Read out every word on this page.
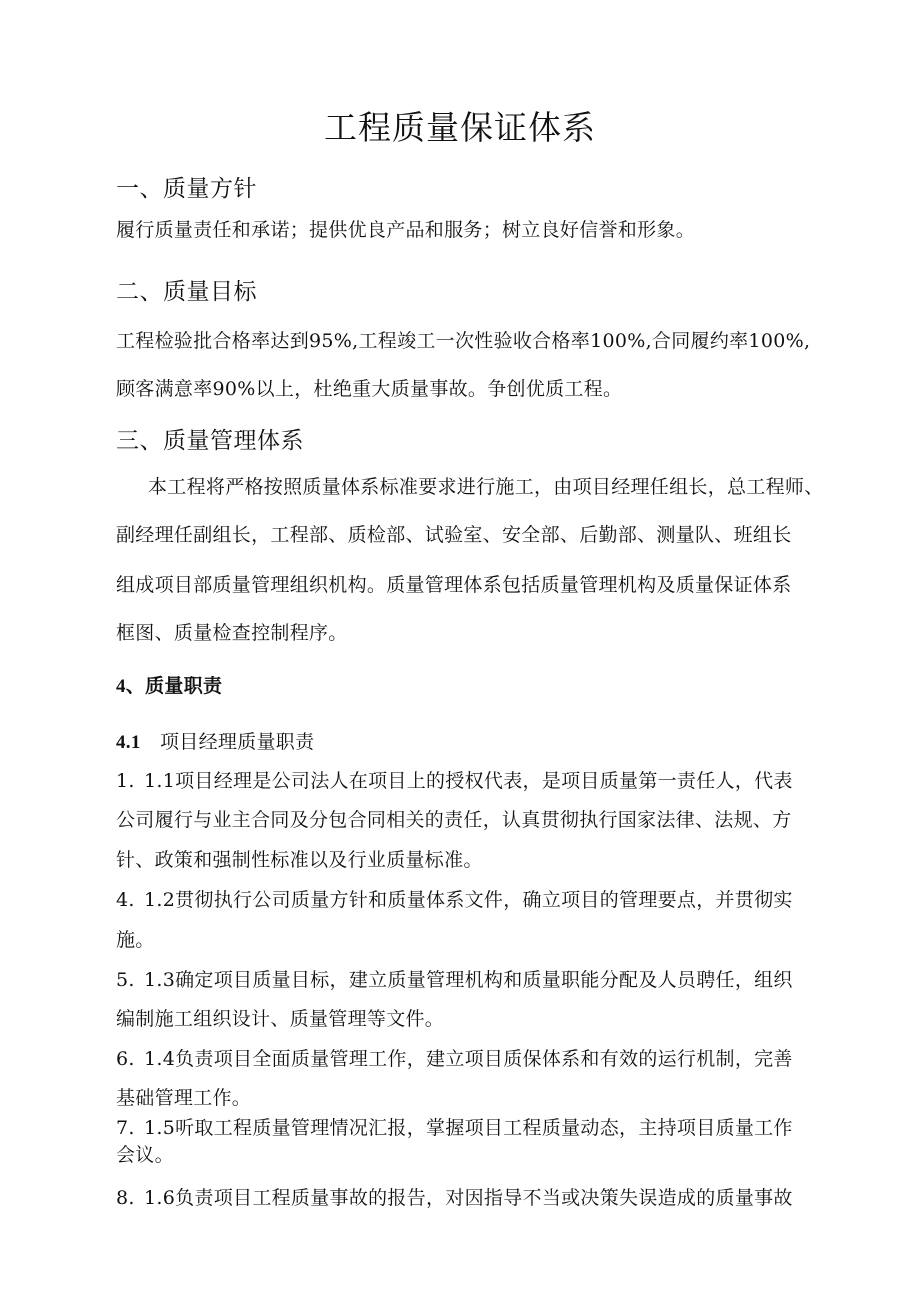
工程质量保证体系
一、质量方针

履行质量责任和承诺；提供优良产品和服务；树立良好信誉和形象。

二、质量目标

工程检验批合格率达到95%,工程竣工一次性验收合格率100%,合同履约率100%,

顾客满意率90%以上，杜绝重大质量事故。争创优质工程。

三、质量管理体系

本工程将严格按照质量体系标准要求进行施工，由项目经理任组长，总工程师、

副经理任副组长，工程部、质检部、试验室、安全部、后勤部、测量队、班组长

组成项目部质量管理组织机构。质量管理体系包括质量管理机构及质量保证体系

框图、质量检查控制程序。

4、质量职责

4.1 项目经理质量职责

1. 1.1项目经理是公司法人在项目上的授权代表，是项目质量第一责任人，代表

公司履行与业主合同及分包合同相关的责任，认真贯彻执行国家法律、法规、方

针、政策和强制性标准以及行业质量标准。

4. 1.2贯彻执行公司质量方针和质量体系文件，确立项目的管理要点，并贯彻实

施。

5. 1.3确定项目质量目标，建立质量管理机构和质量职能分配及人员聘任，组织

编制施工组织设计、质量管理等文件。

6. 1.4负责项目全面质量管理工作，建立项目质保体系和有效的运行机制，完善

基础管理工作。

7. 1.5听取工程质量管理情况汇报，掌握项目工程质量动态，主持项目质量工作

会议。

8. 1.6负责项目工程质量事故的报告，对因指导不当或决策失误造成的质量事故
